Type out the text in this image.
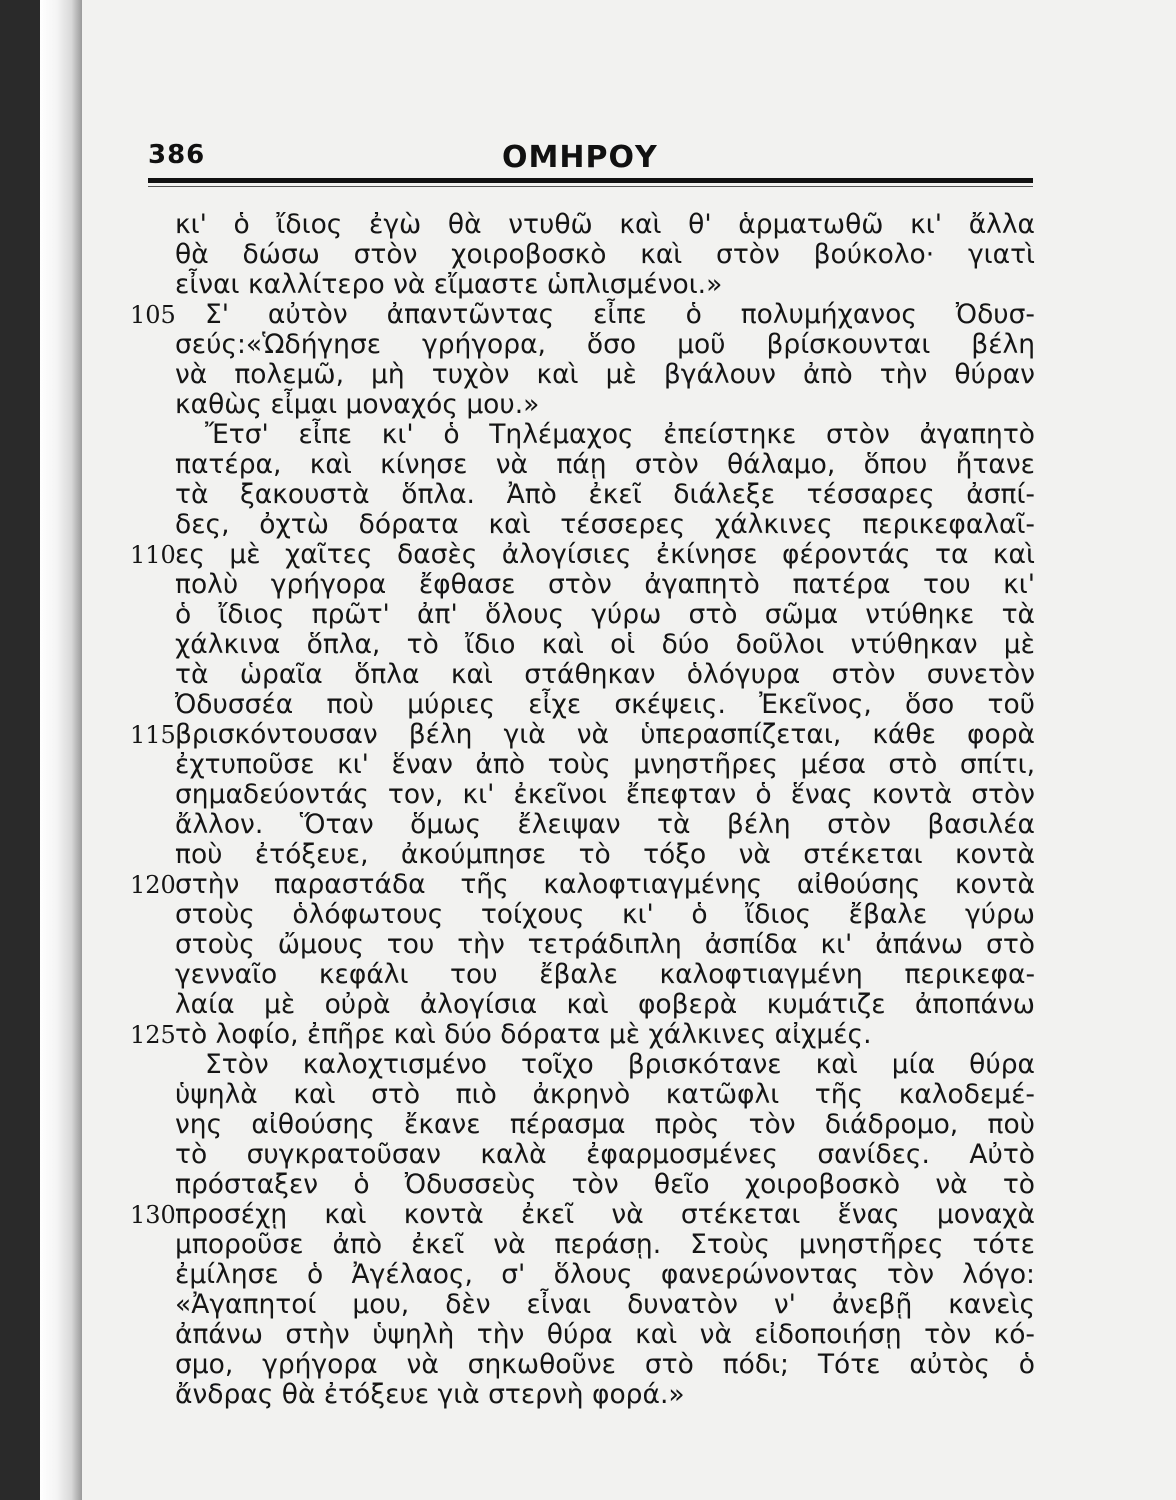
386	ΟΜΗΡΟΥ
105
110
115
120
125
130
κι' ὁ ἴδιος ἐγὼ θὰ ντυθῶ καὶ θ' ἁρματωθῶ κι' ἄλλα
θὰ δώσω στὸν χοιροβοσκὸ καὶ στὸν βούκολο· γιατὶ
εἶναι καλλίτερο νὰ εἴμαστε ὡπλισμένοι.»
Σ' αὐτὸν ἀπαντῶντας εἶπε ὁ πολυμήχανος Ὀδυσ-
σεύς:«Ὡδήγησε γρήγορα, ὅσο μοῦ βρίσκουνται βέλη
νὰ πολεμῶ, μὴ τυχὸν καὶ μὲ βγάλουν ἀπὸ τὴν θύραν
καθὼς εἶμαι μοναχός μου.»
Ἔτσ' εἶπε κι' ὁ Τηλέμαχος ἐπείστηκε στὸν ἀγαπητὸ
πατέρα, καὶ κίνησε νὰ πάῃ στὸν θάλαμο, ὅπου ἤτανε
τὰ ξακουστὰ ὅπλα. Ἀπὸ ἐκεῖ διάλεξε τέσσαρες ἀσπί-
δες, ὀχτὼ δόρατα καὶ τέσσερες χάλκινες περικεφαλαῖ-
ες μὲ χαῖτες δασὲς ἀλογίσιες ἐκίνησε φέροντάς τα καὶ
πολὺ γρήγορα ἔφθασε στὸν ἀγαπητὸ πατέρα του κι'
ὁ ἴδιος πρῶτ' ἀπ' ὅλους γύρω στὸ σῶμα ντύθηκε τὰ
χάλκινα ὅπλα, τὸ ἴδιο καὶ οἱ δύο δοῦλοι ντύθηκαν μὲ
τὰ ὡραῖα ὅπλα καὶ στάθηκαν ὁλόγυρα στὸν συνετὸν
Ὀδυσσέα ποὺ μύριες εἶχε σκέψεις. Ἐκεῖνος, ὅσο τοῦ
βρισκόντουσαν βέλη γιὰ νὰ ὑπερασπίζεται, κάθε φορὰ
ἐχτυποῦσε κι' ἕναν ἀπὸ τοὺς μνηστῆρες μέσα στὸ σπίτι,
σημαδεύοντάς τον, κι' ἐκεῖνοι ἔπεφταν ὁ ἕνας κοντὰ στὸν
ἄλλον. Ὅταν ὅμως ἔλειψαν τὰ βέλη στὸν βασιλέα
ποὺ ἐτόξευε, ἀκούμπησε τὸ τόξο νὰ στέκεται κοντὰ
στὴν παραστάδα τῆς καλοφτιαγμένης αἰθούσης κοντὰ
στοὺς ὁλόφωτους τοίχους κι' ὁ ἴδιος ἔβαλε γύρω
στοὺς ὤμους του τὴν τετράδιπλη ἀσπίδα κι' ἀπάνω στὸ
γενναῖο κεφάλι του ἔβαλε καλοφτιαγμένη περικεφα-
λαία μὲ οὐρὰ ἀλογίσια καὶ φοβερὰ κυμάτιζε ἀποπάνω
τὸ λοφίο, ἐπῆρε καὶ δύο δόρατα μὲ χάλκινες αἰχμές.
Στὸν καλοχτισμένο τοῖχο βρισκότανε καὶ μία θύρα
ὑψηλὰ καὶ στὸ πιὸ ἀκρηνὸ κατῶφλι τῆς καλοδεμέ-
νης αἰθούσης ἔκανε πέρασμα πρὸς τὸν διάδρομο, ποὺ
τὸ συγκρατοῦσαν καλὰ ἐφαρμοσμένες σανίδες. Αὐτὸ
πρόσταξεν ὁ Ὀδυσσεὺς τὸν θεῖο χοιροβοσκὸ νὰ τὸ
προσέχῃ καὶ κοντὰ ἐκεῖ νὰ στέκεται ἕνας μοναχὰ
μποροῦσε ἀπὸ ἐκεῖ νὰ περάσῃ. Στοὺς μνηστῆρες τότε
ἐμίλησε ὁ Ἀγέλαος, σ' ὅλους φανερώνοντας τὸν λόγο:
«Ἀγαπητοί μου, δὲν εἶναι δυνατὸν ν' ἀνεβῇ κανεὶς
ἀπάνω στὴν ὑψηλὴ τὴν θύρα καὶ νὰ εἰδοποιήσῃ τὸν κό-
σμο, γρήγορα νὰ σηκωθοῦνε στὸ πόδι; Τότε αὐτὸς ὁ
ἄνδρας θὰ ἐτόξευε γιὰ στερνὴ φορά.»
